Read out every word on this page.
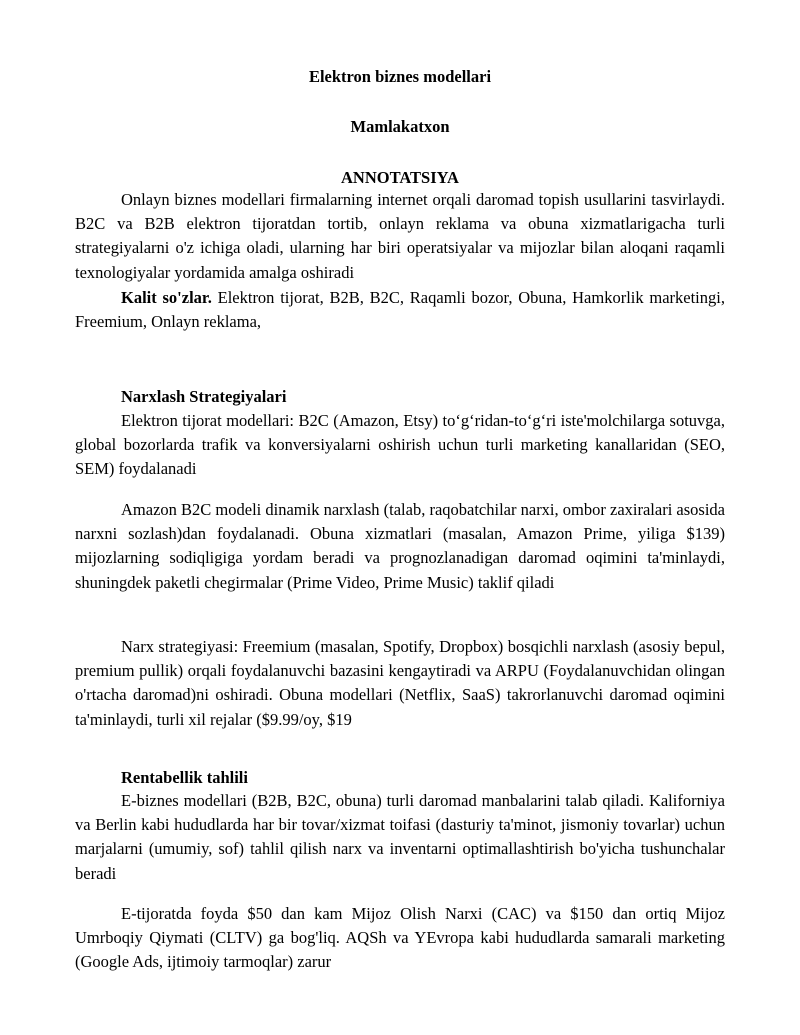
Elektron biznes modellari
Mamlakatxon
ANNOTATSIYA

Onlayn biznes modellari firmalarning internet orqali daromad topish usullarini tasvirlaydi. B2C va B2B elektron tijoratdan tortib, onlayn reklama va obuna xizmatlarigacha turli strategiyalarni o'z ichiga oladi, ularning har biri operatsiyalar va mijozlar bilan aloqani raqamli texnologiyalar yordamida amalga oshiradi

Kalit so'zlar. Elektron tijorat, B2B, B2C, Raqamli bozor, Obuna, Hamkorlik marketingi, Freemium, Onlayn reklama,

Narxlash Strategiyalari

Elektron tijorat modellari: B2C (Amazon, Etsy) to‘g‘ridan-to‘g‘ri iste'molchilarga sotuvga, global bozorlarda trafik va konversiyalarni oshirish uchun turli marketing kanallaridan (SEO, SEM) foydalanadi

Amazon B2C modeli dinamik narxlash (talab, raqobatchilar narxi, ombor zaxiralari asosida narxni sozlash)dan foydalanadi. Obuna xizmatlari (masalan, Amazon Prime, yiliga $139) mijozlarning sodiqligiga yordam beradi va prognozlanadigan daromad oqimini ta'minlaydi, shuningdek paketli chegirmalar (Prime Video, Prime Music) taklif qiladi

Narx strategiyasi: Freemium (masalan, Spotify, Dropbox) bosqichli narxlash (asosiy bepul, premium pullik) orqali foydalanuvchi bazasini kengaytiradi va ARPU (Foydalanuvchidan olingan o'rtacha daromad)ni oshiradi. Obuna modellari (Netflix, SaaS) takrorlanuvchi daromad oqimini ta'minlaydi, turli xil rejalar ($9.99/oy, $19

Rentabellik tahlili

E-biznes modellari (B2B, B2C, obuna) turli daromad manbalarini talab qiladi. Kaliforniya va Berlin kabi hududlarda har bir tovar/xizmat toifasi (dasturiy ta'minot, jismoniy tovarlar) uchun marjalarni (umumiy, sof) tahlil qilish narx va inventarni optimallashtirish bo'yicha tushunchalar beradi

E-tijoratda foyda $50 dan kam Mijoz Olish Narxi (CAC) va $150 dan ortiq Mijoz Umrboqiy Qiymati (CLTV) ga bog'liq. AQSh va YEvropa kabi hududlarda samarali marketing (Google Ads, ijtimoiy tarmoqlar) zarur
